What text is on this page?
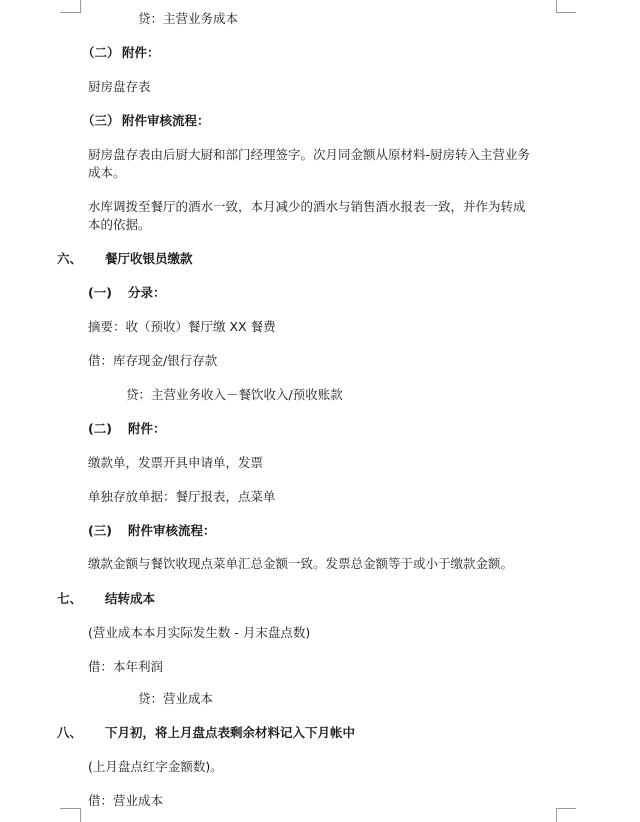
贷：主营业务成本
（二） 附件：
厨房盘存表
（三） 附件审核流程：
厨房盘存表由后厨大厨和部门经理签字。次月同金额从原材料-厨房转入主营业务
成本。
水库调拨至餐厅的酒水一致，本月减少的酒水与销售酒水报表一致，并作为转成
本的依据。
六、 餐厅收银员缴款
(一) 分录：
摘要：收（预收）餐厅缴 XX 餐费
借：库存现金/银行存款
贷：主营业务收入－餐饮收入/预收账款
(二) 附件：
缴款单，发票开具申请单，发票
单独存放单据：餐厅报表，点菜单
(三) 附件审核流程：
缴款金额与餐饮收现点菜单汇总金额一致。发票总金额等于或小于缴款金额。
七、 结转成本
(营业成本本月实际发生数 - 月末盘点数)
借：本年利润
贷：营业成本
八、 下月初，将上月盘点表剩余材料记入下月帐中
(上月盘点红字金额数)。
借：营业成本
